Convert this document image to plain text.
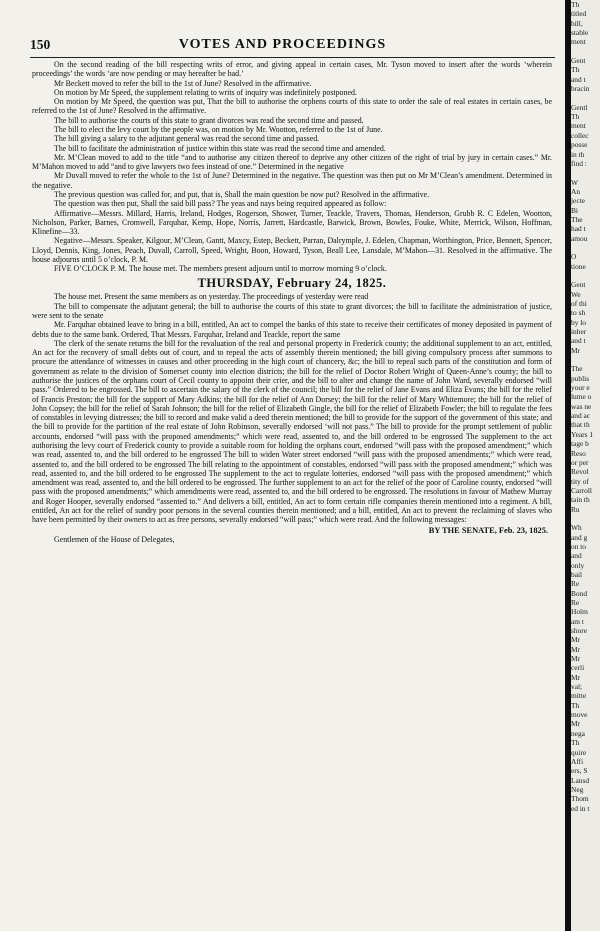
150	VOTES AND PROCEEDINGS

On the second reading of the bill respecting writs of error, and giving appeal in certain cases, Mr. Tyson moved to insert after the words ‘wherein proceedings’ the words ‘are now pending or may hereafter be had.’

Mr Beckett moved to refer the bill to the 1st of June? Resolved in the affirmative.

On motion by Mr Speed, the supplement relating to writs of inquiry was indefinitely postponed.

On motion by Mr Speed, the question was put, That the bill to authorise the orphens courts of this state to order the sale of real estates in certain cases, be referred to the 1st of June? Resolved in the affirmative.

The bill to authorise the courts of this state to grant divorces was read the second time and passed.

The bill to elect the levy court by the people was, on motion by Mr. Wootton, referred to the 1st of June.

The bill giving a salary to the adjutant general was read the second time and passed.

The bill to facilitate the administration of justice within this state was read the second time and amended.

Mr. M’Clean moved to add to the title “and to authorise any citizen thereof to deprive any other citizen of the right of trial by jury in certain cases.” Mr. M’Mahon moved to add “and to give lawyers two fees instead of one.” Determined in the negative

Mr Duvall moved to refer the whole to the 1st of June? Determined in the negative. The question was then put on Mr M’Clean’s amendment. Determined in the negative.

The previous question was called for, and put, that is, Shall the main question be now put? Resolved in the affirmative.

The question was then put, Shall the said bill pass? The yeas and nays being required appeared as follow:

Affirmative—Messrs. Millard, Harris, Ireland, Hodges, Rogerson, Shower, Turner, Teackle, Travers, Thomas, Henderson, Grubb R. C Edelen, Wootton, Nicholson, Parker, Barnes, Cromwell, Farquhar, Kemp, Hope, Norris, Jarrett, Hardcastle, Barwick, Brown, Bowles, Fouke, White, Merrick, Wilson, Hoffman, Klinefine—33.

Negative—Messrs. Speaker, Kilgour, M’Clean, Gantt, Maxcy, Estep, Beckett, Parran, Dalrymple, J. Edelen, Chapman, Worthington, Price, Bennett, Spencer, Lloyd, Dennis, King, Jones, Peach, Duvall, Carroll, Speed, Wright, Boon, Howard, Tyson, Beall Lee, Lansdale, M’Mahon—31. Resolved in the affirmative. The house adjourns until 5 o’clock, P. M.

FIVE O’CLOCK P. M. The house met. The members present adjourn until to morrow morning 9 o’clock.

THURSDAY, February 24, 1825.

The house met. Present the same members as on yesterday. The proceedings of yesterday were read

The bill to compensate the adjutant general; the bill to authorise the courts of this state to grant divorces; the bill to facilitate the administration of justice, were sent to the senate

Mr. Farquhar obtained leave to bring in a bill, entitled, An act to compel the banks of this state to receive their certificates of money deposited in payment of debts due to the same bank. Ordered, That Messrs. Farquhar, Ireland and Teackle, report the same

The clerk of the senate returns the bill for the revaluation of the real and personal property in Frederick county; the additional supplement to an act, entitled, An act for the recovery of small debts out of court, and to repeal the acts of assembly therein mentioned; the bill giving compulsory process after summons to procure the attendance of witnesses in causes and other proceeding in the high court of chancery, &c; the bill to repeal such parts of the constitution and form of government as relate to the division of Somerset county into election districts; the bill for the relief of Doctor Robert Wright of Queen-Anne’s county; the bill to authorise the justices of the orphans court of Cecil county to appoint their crier, and the bill to alter and change the name of John Ward, severally endorsed “will pass.” Ordered to be engrossed. The bill to ascertain the salary of the clerk of the council; the bill for the relief of Jane Evans and Eliza Evans; the bill for the relief of Francis Preston; the bill for the support of Mary Adkins; the bill for the relief of Ann Dorsey; the bill for the relief of Mary Whitemore; the bill for the relief of John Copsey; the bill for the relief of Sarah Johnson; the bill for the relief of Elizabeth Gingle, the bill for the relief of Elizabeth Fowler; the bill to regulate the fees of constables in levying distresses; the bill to record and make valid a deed therein mentioned; the bill to provide for the support of the government of this state; and the bill to provide for the partition of the real estate of John Robinson, severally endorsed ‘will not pass.” The bill to provide for the prompt settlement of public accounts, endorsed “will pass with the proposed amendments;” which were read, assented to, and the bill ordered to be engrossed The supplement to the act authorising the levy court of Frederick county to provide a suitable room for holding the orphans court, endorsed “will pass with the proposed amendment;” which was read, assented to, and the bill ordered to be engrossed The bill to widen Water street endorsed “will pass with the proposed amendments;” which were read, assented to, and the bill ordered to be engrossed The bill relating to the appointment of constables, endorsed “will pass with the proposed amendment;” which was read, assented to, and the bill ordered to be engrossed The supplement to the act to regulate lotteries, endorsed “will pass with the proposed amendment;” which amendment was read, assented to, and the bill ordered to be engrossed. The further supplement to an act for the relief of the poor of Caroline county, endorsed “will pass with the proposed amendments;” which amendments were read, assented to, and the bill ordered to be engrossed. The resolutions in favour of Mathew Murray and Roger Hooper, severally endorsed “assented to.” And delivers a bill, entitled, An act to form certain rifle companies therein mentioned into a regiment. A bill, entitled, An act for the relief of sundry poor persons in the several counties therein mentioned; and a bill, entitled, An act to prevent the reclaiming of slaves who have been permitted by their owners to act as free persons, severally endorsed “will pass;” which were read. And the following messages:

BY THE SENATE, Feb. 23, 1825.

Gentlemen of the House of Delegates,

Th
titled
bill,
stable
ment
Gent
Th
and t
bracin
Gentl
Th
ment
collec
posse
in th
find :
W
An
jecte
Bi
The
had t
amou
O
tione
Gent
We
of thi
to sh
by lo
inher
and t
Mr
The
publis
your e
lume o
was ne
and ac
that th
Years 1
tage b
Reso
or per
Revol
tity of
Carroll
tain th
Ru
Wh
and g
on to
and
only
bail
Re
Bond
Re
Holm
am t
shore
Mr
Mr
Mr
cerli
Mr
val;
mitte
Th
move
Mr
nega
Th
quire
Affi
ers, S
Lansd
Neg
Thom
ed in t
